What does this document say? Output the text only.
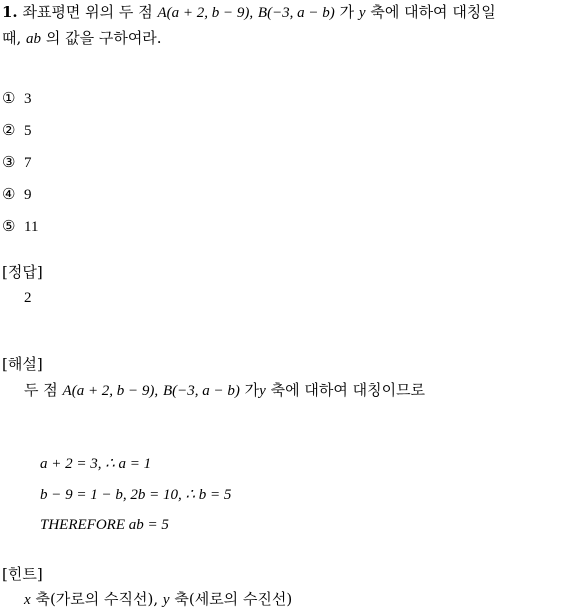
1. 좌표평면 위의 두 점 A(a + 2, b − 9), B(−3, a − b) 가 y 축에 대하여 대칭일
때, ab 의 값을 구하여라.
① 3
② 5
③ 7
④ 9
⑤ 11
[정답]
2
[해설]
두 점 A(a + 2, b − 9), B(−3, a − b) 가y 축에 대하여 대칭이므로
a + 2 = 3, ∴ a = 1
b − 9 = 1 − b, 2b = 10, ∴ b = 5
THEREFORE ab = 5
[힌트]
x 축(가로의 수직선), y 축(세로의 수진선)
